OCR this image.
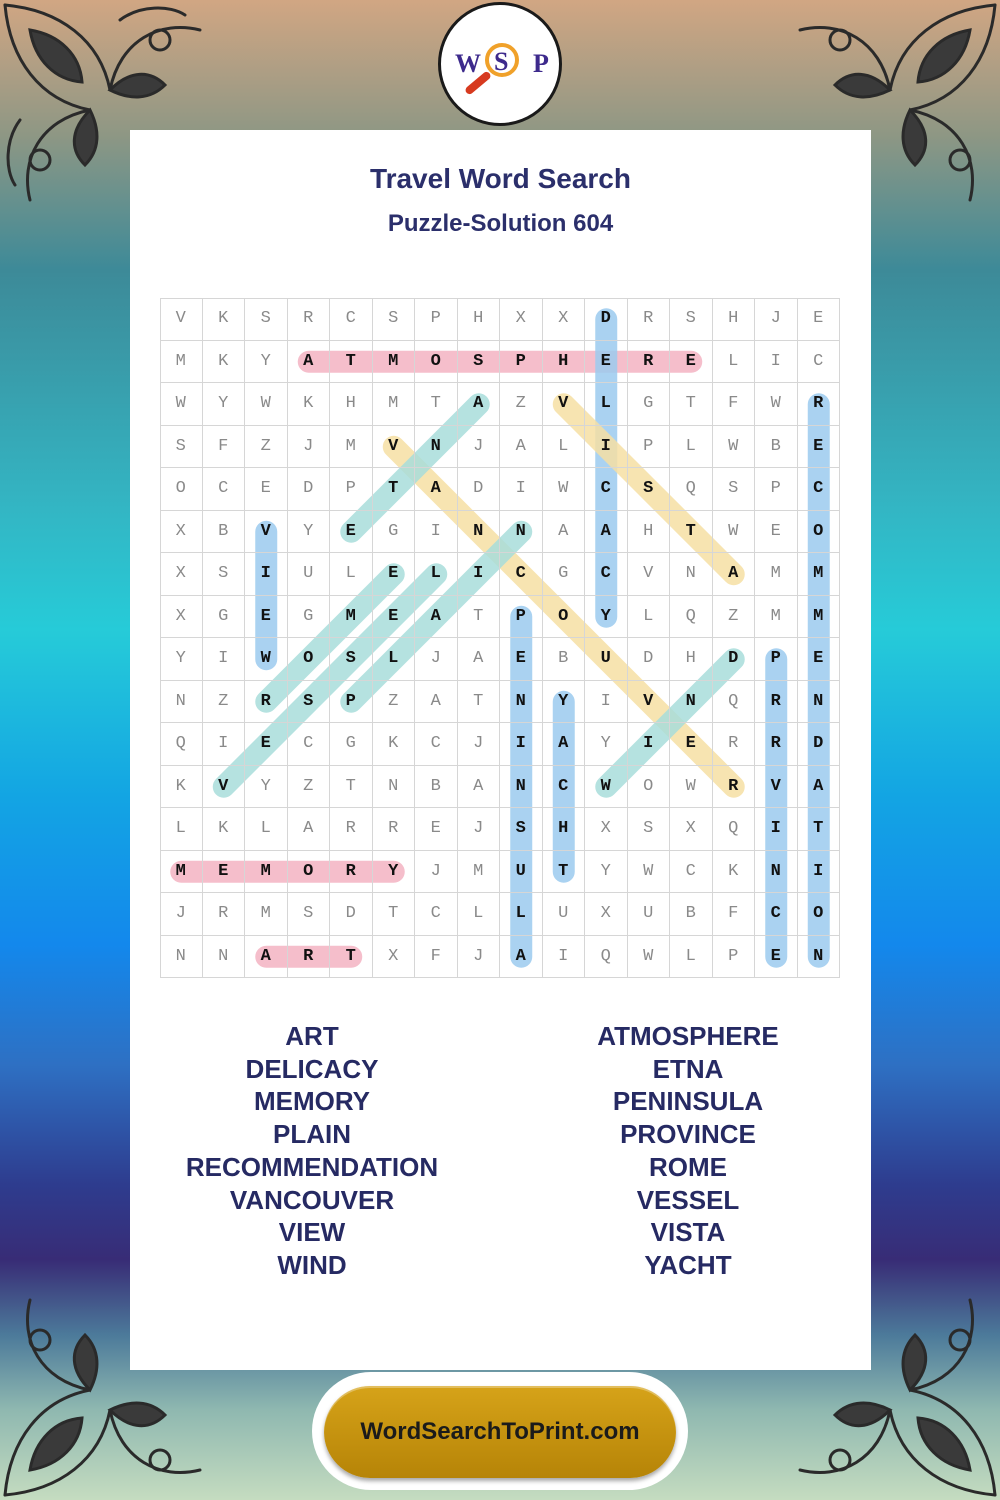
W S P
Travel Word Search
Puzzle-Solution 604
V	K	S	R	C	S	P	H	X	X	D	R	S	H	J	E
M	K	Y	A	T	M	O	S	P	H	E	R	E	L	I	C
W	Y	W	K	H	M	T	A	Z	V	L	G	T	F	W	R
S	F	Z	J	M	V	N	J	A	L	I	P	L	W	B	E
O	C	E	D	P	T	A	D	I	W	C	S	Q	S	P	C
X	B	V	Y	E	G	I	N	N	A	A	H	T	W	E	O
X	S	I	U	L	E	L	I	C	G	C	V	N	A	M	M
X	G	E	G	M	E	A	T	P	O	Y	L	Q	Z	M	M
Y	I	W	O	S	L	J	A	E	B	U	D	H	D	P	E
N	Z	R	S	P	Z	A	T	N	Y	I	V	N	Q	R	N
Q	I	E	C	G	K	C	J	I	A	Y	I	E	R	R	D
K	V	Y	Z	T	N	B	A	N	C	W	O	W	R	V	A
L	K	L	A	R	R	E	J	S	H	X	S	X	Q	I	T
M	E	M	O	R	Y	J	M	U	T	Y	W	C	K	N	I
J	R	M	S	D	T	C	L	L	U	X	U	B	F	C	O
N	N	A	R	T	X	F	J	A	I	Q	W	L	P	E	N
ART
DELICACY
MEMORY
PLAIN
RECOMMENDATION
VANCOUVER
VIEW
WIND
ATMOSPHERE
ETNA
PENINSULA
PROVINCE
ROME
VESSEL
VISTA
YACHT
WordSearchToPrint.com
